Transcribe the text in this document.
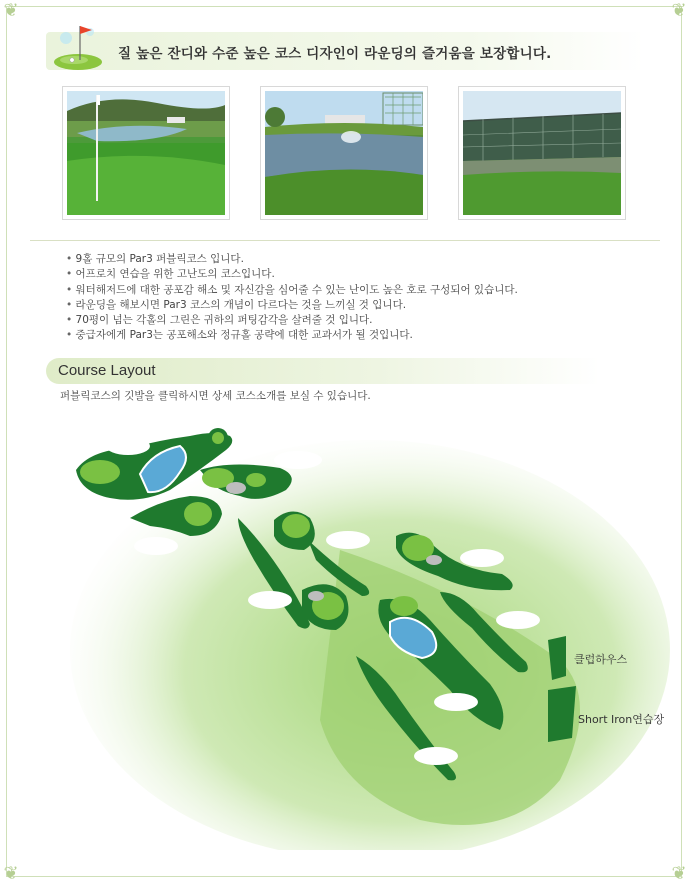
❦	❦
❦	❦
질 높은 잔디와 수준 높은 코스 디자인이 라운딩의 즐거움을 보장합니다.
• 9홀 규모의 Par3 퍼블릭코스 입니다.
• 어프로치 연습을 위한 고난도의 코스입니다.
• 워터해저드에 대한 공포감 해소 및 자신감을 심어줄 수 있는 난이도 높은 호로 구성되어 있습니다.
• 라운딩을 해보시면 Par3 코스의 개념이 다르다는 것을 느끼실 것 입니다.
• 70평이 넘는 각홀의 그린은 귀하의 퍼팅감각을 살려줄 것 입니다.
• 중급자에게 Par3는 공포해소와 정규홀 공략에 대한 교과서가 될 것입니다.
Course Layout
퍼블릭코스의 깃발을 클릭하시면 상세 코스소개를 보실 수 있습니다.
클럽하우스
Short Iron연습장
